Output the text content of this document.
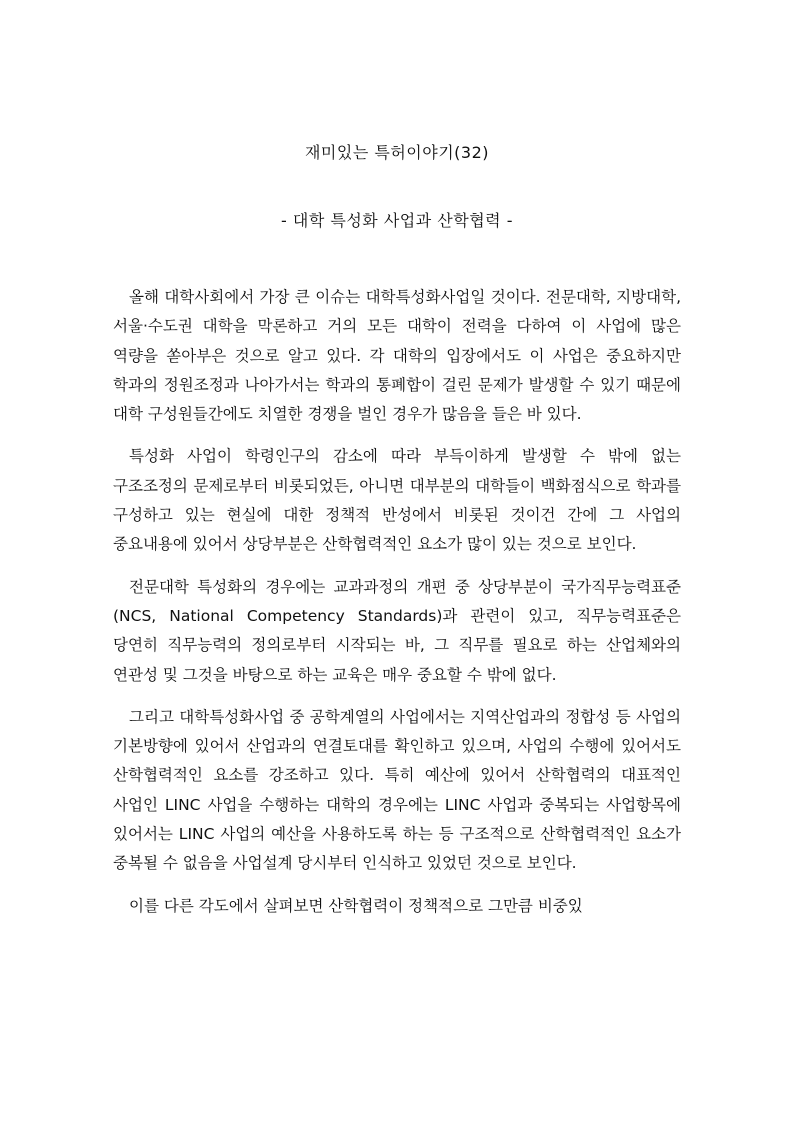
재미있는 특허이야기(32)
- 대학 특성화 사업과 산학협력 -

올해 대학사회에서 가장 큰 이슈는 대학특성화사업일 것이다. 전문대학, 지방대학, 서울·수도권 대학을 막론하고 거의 모든 대학이 전력을 다하여 이 사업에 많은 역량을 쏟아부은 것으로 알고 있다. 각 대학의 입장에서도 이 사업은 중요하지만 학과의 정원조정과 나아가서는 학과의 통폐합이 걸린 문제가 발생할 수 있기 때문에 대학 구성원들간에도 치열한 경쟁을 벌인 경우가 많음을 들은 바 있다.

특성화 사업이 학령인구의 감소에 따라 부득이하게 발생할 수 밖에 없는 구조조정의 문제로부터 비롯되었든, 아니면 대부분의 대학들이 백화점식으로 학과를 구성하고 있는 현실에 대한 정책적 반성에서 비롯된 것이건 간에 그 사업의 중요내용에 있어서 상당부분은 산학협력적인 요소가 많이 있는 것으로 보인다.

전문대학 특성화의 경우에는 교과과정의 개편 중 상당부분이 국가직무능력표준(NCS, National Competency Standards)과 관련이 있고, 직무능력표준은 당연히 직무능력의 정의로부터 시작되는 바, 그 직무를 필요로 하는 산업체와의 연관성 및 그것을 바탕으로 하는 교육은 매우 중요할 수 밖에 없다.

그리고 대학특성화사업 중 공학계열의 사업에서는 지역산업과의 정합성 등 사업의 기본방향에 있어서 산업과의 연결토대를 확인하고 있으며, 사업의 수행에 있어서도 산학협력적인 요소를 강조하고 있다. 특히 예산에 있어서 산학협력의 대표적인 사업인 LINC 사업을 수행하는 대학의 경우에는 LINC 사업과 중복되는 사업항목에 있어서는 LINC 사업의 예산을 사용하도록 하는 등 구조적으로 산학협력적인 요소가 중복될 수 없음을 사업설계 당시부터 인식하고 있었던 것으로 보인다.

이를 다른 각도에서 살펴보면 산학협력이 정책적으로 그만큼 비중있
